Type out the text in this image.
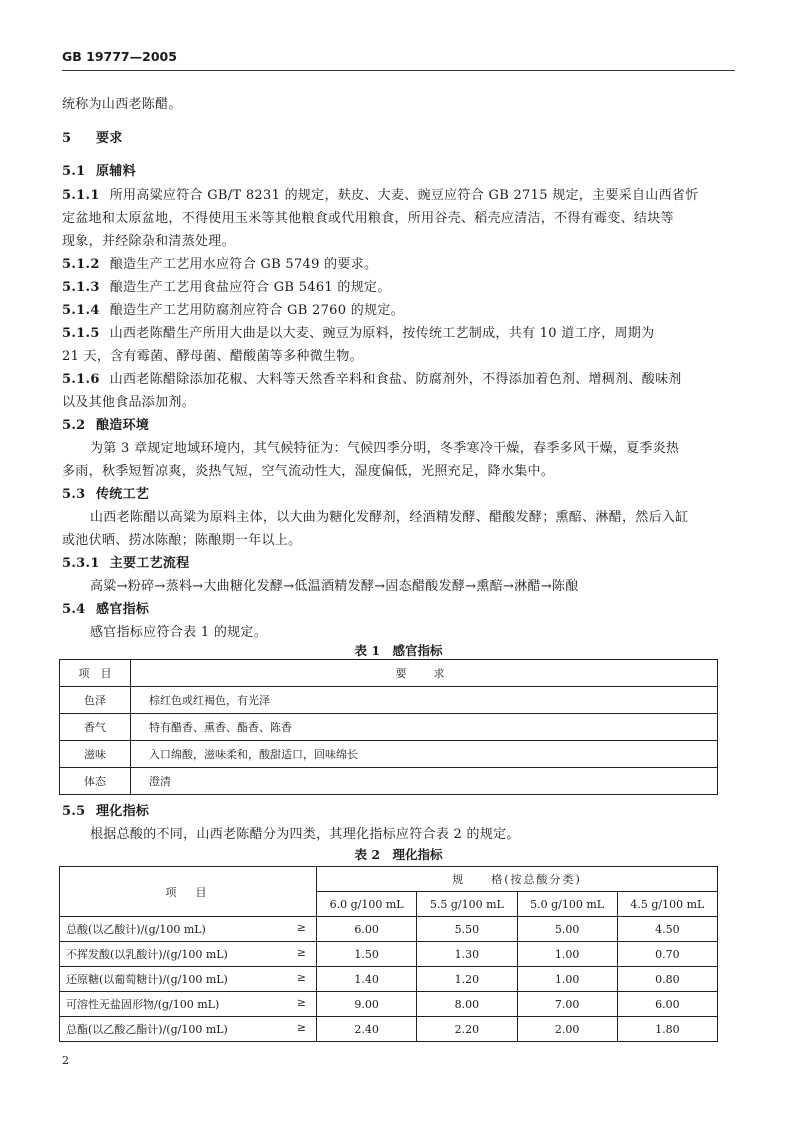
GB 19777—2005
统称为山西老陈醋。
5 要求
5.1 原辅料
5.1.1 所用高粱应符合 GB/T 8231 的规定，麸皮、大麦、豌豆应符合 GB 2715 规定，主要采自山西省忻
定盆地和太原盆地，不得使用玉米等其他粮食或代用粮食，所用谷壳、稻壳应清洁，不得有霉变、结块等
现象，并经除杂和清蒸处理。
5.1.2 酿造生产工艺用水应符合 GB 5749 的要求。
5.1.3 酿造生产工艺用食盐应符合 GB 5461 的规定。
5.1.4 酿造生产工艺用防腐剂应符合 GB 2760 的规定。
5.1.5 山西老陈醋生产所用大曲是以大麦、豌豆为原料，按传统工艺制成，共有 10 道工序，周期为
21 天，含有霉菌、酵母菌、醋酸菌等多种微生物。
5.1.6 山西老陈醋除添加花椒、大料等天然香辛料和食盐、防腐剂外，不得添加着色剂、增稠剂、酸味剂
以及其他食品添加剂。
5.2 酿造环境
为第 3 章规定地域环境内，其气候特征为：气候四季分明，冬季寒冷干燥，春季多风干燥，夏季炎热
多雨，秋季短暂凉爽，炎热气短，空气流动性大，湿度偏低，光照充足，降水集中。
5.3 传统工艺
山西老陈醋以高粱为原料主体，以大曲为糖化发酵剂，经酒精发酵、醋酸发酵；熏醅、淋醋，然后入缸
或池伏晒、捞冰陈酿；陈酿期一年以上。
5.3.1 主要工艺流程
高粱→粉碎→蒸料→大曲糖化发酵→低温酒精发酵→固态醋酸发酵→熏醅→淋醋→陈酿
5.4 感官指标
感官指标应符合表 1 的规定。
表 1　感官指标
项　目	要　求
色泽	棕红色或红褐色，有光泽
香气	特有醋香、熏香、酯香、陈香
滋味	入口绵酸，滋味柔和，酸甜适口，回味绵长
体态	澄清
5.5 理化指标
根据总酸的不同，山西老陈醋分为四类，其理化指标应符合表 2 的规定。
表 2　理化指标
项　目	规　　格(按总酸分类)			
	6.0 g/100 mL	5.5 g/100 mL	5.0 g/100 mL	4.5 g/100 mL
总酸(以乙酸计)/(g/100 mL) ≥	6.00	5.50	5.00	4.50
不挥发酸(以乳酸计)/(g/100 mL) ≥	1.50	1.30	1.00	0.70
还原糖(以葡萄糖计)/(g/100 mL) ≥	1.40	1.20	1.00	0.80
可溶性无盐固形物/(g/100 mL) ≥	9.00	8.00	7.00	6.00
总酯(以乙酸乙酯计)/(g/100 mL) ≥	2.40	2.20	2.00	1.80
2
